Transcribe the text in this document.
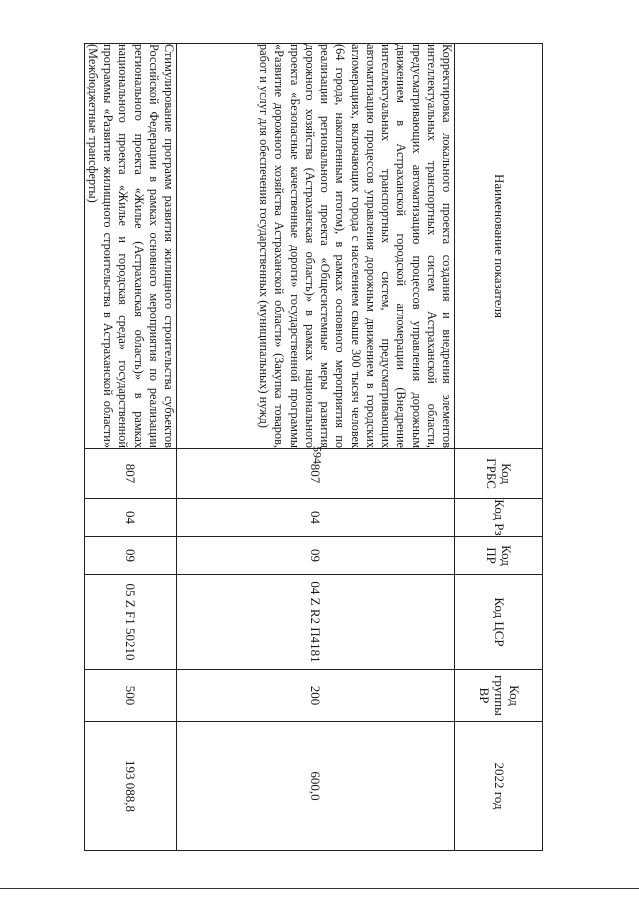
594
Наименование показателя	Код ГРБС	Код Рз	Код ПР	Код ЦСР	Код группы ВР	2022 год
Корректировка локального проекта создания и внедрения элементов интеллектуальных транспортных систем Астраханской области, предусматривающих автоматизацию процессов управления дорожным движением в Астраханской городской агломерации (Внедрение интеллектуальных транспортных систем, предусматривающих автоматизацию процессов управления дорожным движением в городских агломерациях, включающих города с населением свыше 300 тысяч человек (64 города, накопленным итогом), в рамках основного мероприятия по реализации регионального проекта «Общесистемные меры развития дорожного хозяйства (Астраханская область)» в рамках национального проекта «Безопасные качественные дороги» государственной программы «Развитие дорожного хозяйства Астраханской области» (Закупка товаров, работ и услуг для обеспечения государственных (муниципальных) нужд)	807	04	09	04 Z R2 П4181	200	600,0
Стимулирование программ развития жилищного строительства субъектов Российской Федерации в рамках основного мероприятия по реализации регионального проекта «Жилье (Астраханская область)» в рамках национального проекта «Жилье и городская среда» государственной программы «Развитие жилищного строительства в Астраханской области» (Межбюджетные трансферты)	807	04	09	05 Z F1 50210	500	193 088,8
